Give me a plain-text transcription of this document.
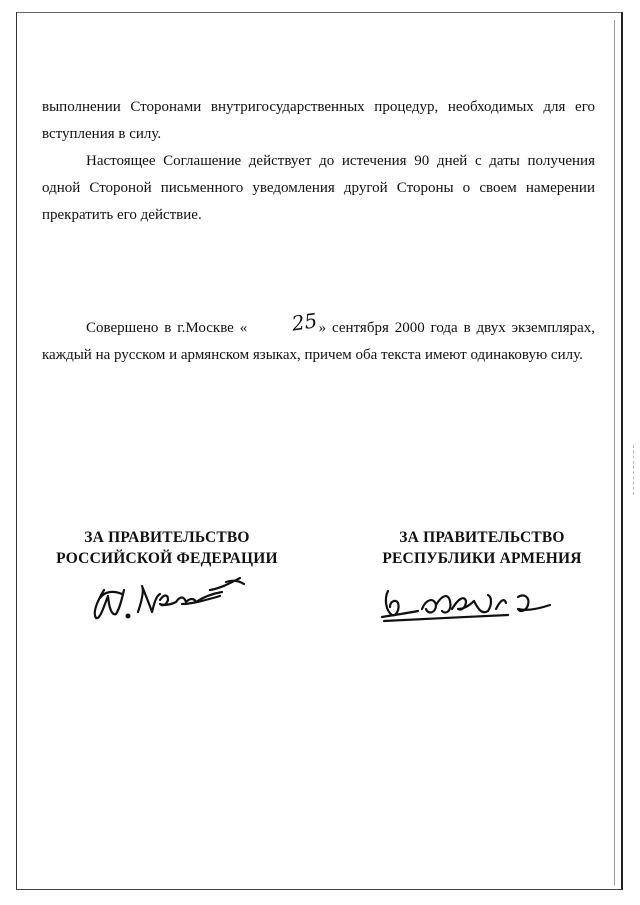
выполнении Сторонами внутригосударственных процедур, необходимых для его вступления в силу.
Настоящее Соглашение действует до истечения 90 дней с даты получения одной Стороной письменного уведомления другой Стороны о своем намерении прекратить его действие.
Совершено в г.Москве « 25» сентября 2000 года в двух экземплярах, каждый на русском и армянском языках, причем оба текста имеют одинаковую силу.
ЗА ПРАВИТЕЛЬСТВО
РОССИЙСКОЙ ФЕДЕРАЦИИ
ЗА ПРАВИТЕЛЬСТВО
РЕСПУБЛИКИ АРМЕНИЯ
